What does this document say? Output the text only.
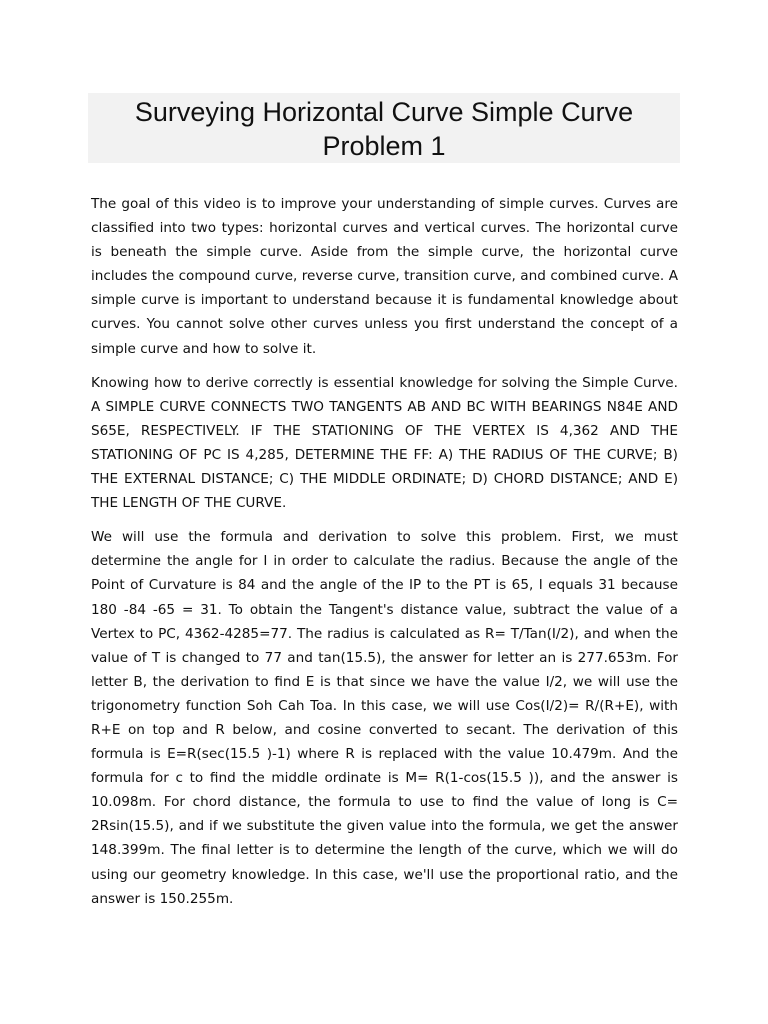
Surveying Horizontal Curve Simple Curve Problem 1

The goal of this video is to improve your understanding of simple curves. Curves are classified into two types: horizontal curves and vertical curves. The horizontal curve is beneath the simple curve. Aside from the simple curve, the horizontal curve includes the compound curve, reverse curve, transition curve, and combined curve. A simple curve is important to understand because it is fundamental knowledge about curves. You cannot solve other curves unless you first understand the concept of a simple curve and how to solve it.

Knowing how to derive correctly is essential knowledge for solving the Simple Curve. A SIMPLE CURVE CONNECTS TWO TANGENTS AB AND BC WITH BEARINGS N84E AND S65E, RESPECTIVELY. IF THE STATIONING OF THE VERTEX IS 4,362 AND THE STATIONING OF PC IS 4,285, DETERMINE THE FF: A) THE RADIUS OF THE CURVE; B) THE EXTERNAL DISTANCE; C) THE MIDDLE ORDINATE; D) CHORD DISTANCE; AND E) THE LENGTH OF THE CURVE.

We will use the formula and derivation to solve this problem. First, we must determine the angle for I in order to calculate the radius. Because the angle of the Point of Curvature is 84 and the angle of the IP to the PT is 65, I equals 31 because 180 -84 -65 = 31. To obtain the Tangent's distance value, subtract the value of a Vertex to PC, 4362-4285=77. The radius is calculated as R= T/Tan(I/2), and when the value of T is changed to 77 and tan(15.5), the answer for letter an is 277.653m. For letter B, the derivation to find E is that since we have the value I/2, we will use the trigonometry function Soh Cah Toa. In this case, we will use Cos(I/2)= R/(R+E), with R+E on top and R below, and cosine converted to secant. The derivation of this formula is E=R(sec(15.5 )-1) where R is replaced with the value 10.479m. And the formula for c to find the middle ordinate is M= R(1-cos(15.5 )), and the answer is 10.098m. For chord distance, the formula to use to find the value of long is C= 2Rsin(15.5), and if we substitute the given value into the formula, we get the answer 148.399m. The final letter is to determine the length of the curve, which we will do using our geometry knowledge. In this case, we'll use the proportional ratio, and the answer is 150.255m.
